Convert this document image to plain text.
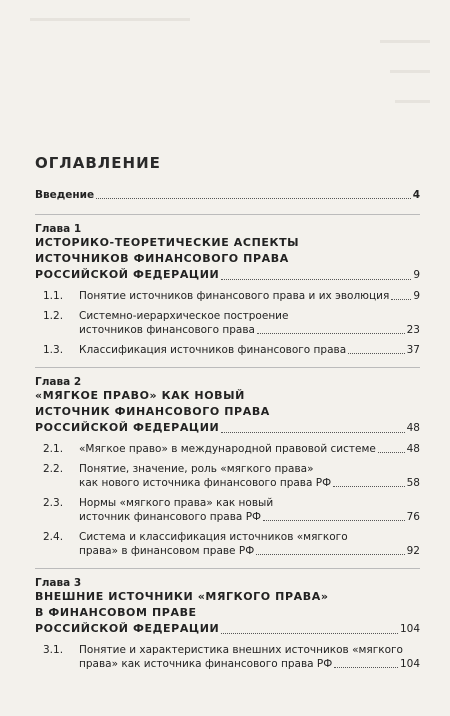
ОГЛАВЛЕНИЕ
Введение	4
Глава 1
ИСТОРИКО-ТЕОРЕТИЧЕСКИЕ АСПЕКТЫ
ИСТОЧНИКОВ ФИНАНСОВОГО ПРАВА
РОССИЙСКОЙ ФЕДЕРАЦИИ	9
1.1.	Понятие источников финансового права и их эволюция 9
1.2.	Системно-иерархическое построение
источников финансового права	23
1.3.	Классификация источников финансового права	37
Глава 2
«МЯГКОЕ ПРАВО» КАК НОВЫЙ
ИСТОЧНИК ФИНАНСОВОГО ПРАВА
РОССИЙСКОЙ ФЕДЕРАЦИИ	48
2.1.	«Мягкое право» в международной правовой системе	48
2.2.	Понятие, значение, роль «мягкого права»
как нового источника финансового права РФ	58
2.3.	Нормы «мягкого права» как новый
источник финансового права РФ	76
2.4.	Система и классификация источников «мягкого
права» в финансовом праве РФ	92
Глава 3
ВНЕШНИЕ ИСТОЧНИКИ «МЯГКОГО ПРАВА»
В ФИНАНСОВОМ ПРАВЕ
РОССИЙСКОЙ ФЕДЕРАЦИИ	104
3.1.	Понятие и характеристика внешних источников «мягкого
права» как источника финансового права РФ	104
